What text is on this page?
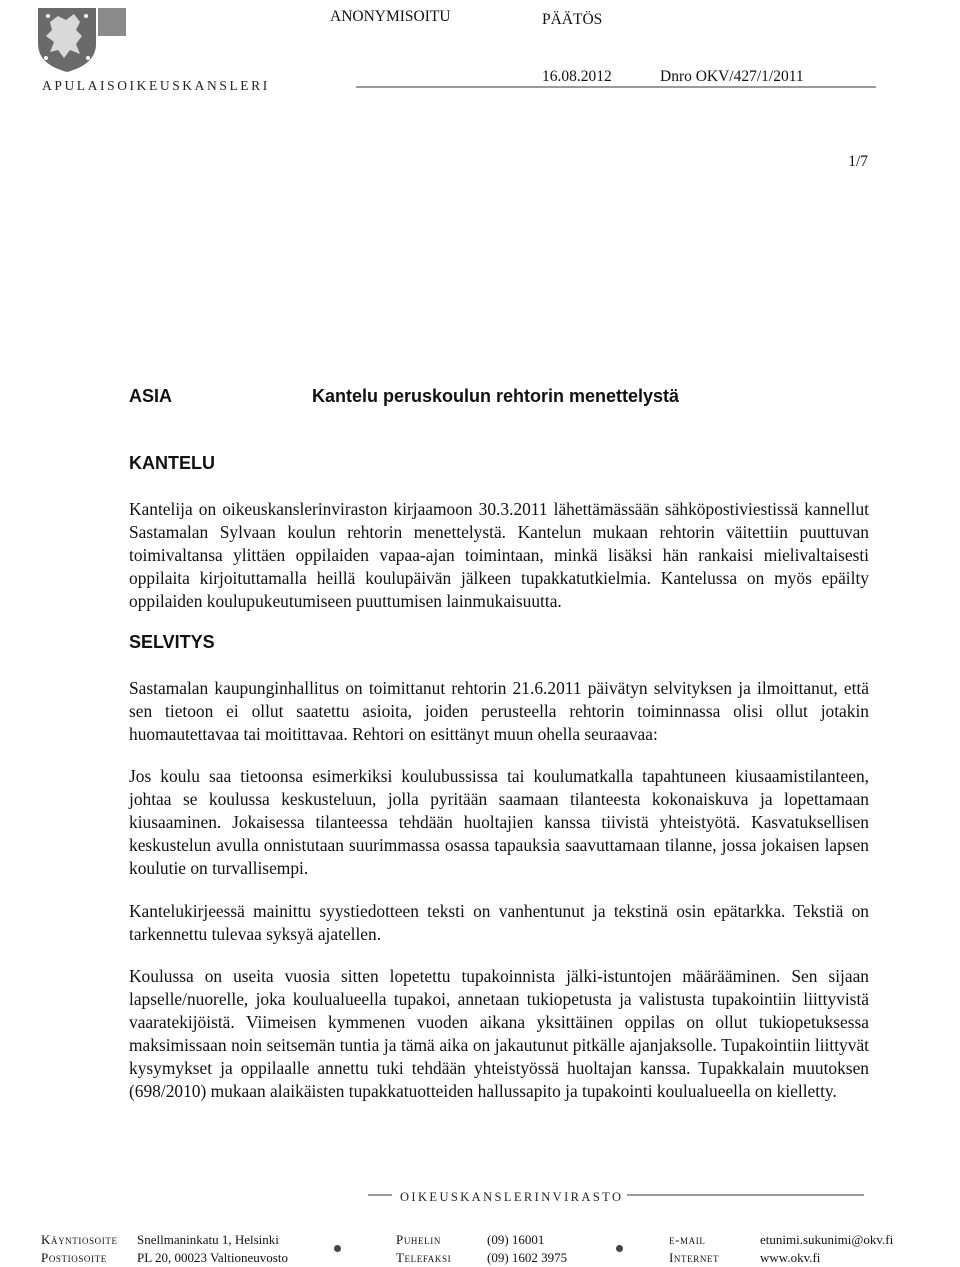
APULAISOIKEUSKANSLERI
ANONYMISOITU	PÄÄTÖS
16.08.2012	Dnro OKV/427/1/2011
1/7
ASIA	Kantelu peruskoulun rehtorin menettelystä
KANTELU

Kantelija on oikeuskanslerinviraston kirjaamoon 30.3.2011 lähettämässään sähköpostiviestissä kannellut Sastamalan Sylvaan koulun rehtorin menettelystä. Kantelun mukaan rehtorin väitettiin puuttuvan toimivaltansa ylittäen oppilaiden vapaa-ajan toimintaan, minkä lisäksi hän rankaisi mielivaltaisesti oppilaita kirjoituttamalla heillä koulupäivän jälkeen tupakkatutkielmia. Kantelussa on myös epäilty oppilaiden koulupukeutumiseen puuttumisen lainmukaisuutta.

SELVITYS

Sastamalan kaupunginhallitus on toimittanut rehtorin 21.6.2011 päivätyn selvityksen ja ilmoittanut, että sen tietoon ei ollut saatettu asioita, joiden perusteella rehtorin toiminnassa olisi ollut jotakin huomautettavaa tai moitittavaa. Rehtori on esittänyt muun ohella seuraavaa:

Jos koulu saa tietoonsa esimerkiksi koulubussissa tai koulumatkalla tapahtuneen kiusaamistilanteen, johtaa se koulussa keskusteluun, jolla pyritään saamaan tilanteesta kokonaiskuva ja lopettamaan kiusaaminen. Jokaisessa tilanteessa tehdään huoltajien kanssa tiivistä yhteistyötä. Kasvatuksellisen keskustelun avulla onnistutaan suurimmassa osassa tapauksia saavuttamaan tilanne, jossa jokaisen lapsen koulutie on turvallisempi.

Kantelukirjeessä mainittu syystiedotteen teksti on vanhentunut ja tekstinä osin epätarkka. Tekstiä on tarkennettu tulevaa syksyä ajatellen.

Koulussa on useita vuosia sitten lopetettu tupakoinnista jälki-istuntojen määrääminen. Sen sijaan lapselle/nuorelle, joka koulualueella tupakoi, annetaan tukiopetusta ja valistusta tupakointiin liittyvistä vaaratekijöistä. Viimeisen kymmenen vuoden aikana yksittäinen oppilas on ollut tukiopetuksessa maksimissaan noin seitsemän tuntia ja tämä aika on jakautunut pitkälle ajanjaksolle. Tupakointiin liittyvät kysymykset ja oppilaalle annettu tuki tehdään yhteistyössä huoltajan kanssa. Tupakkalain muutoksen (698/2010) mukaan alaikäisten tupakkatuotteiden hallussapito ja tupakointi koulualueella on kielletty.

OIKEUSKANSLERINVIRASTO
Käyntiosoite Snellmaninkatu 1, Helsinki
Postiosoite PL 20, 00023 Valtioneuvosto
Puhelin	(09) 16001
Telefaksi	(09) 1602 3975
e-mail	etunimi.sukunimi@okv.fi
Internet	www.okv.fi
